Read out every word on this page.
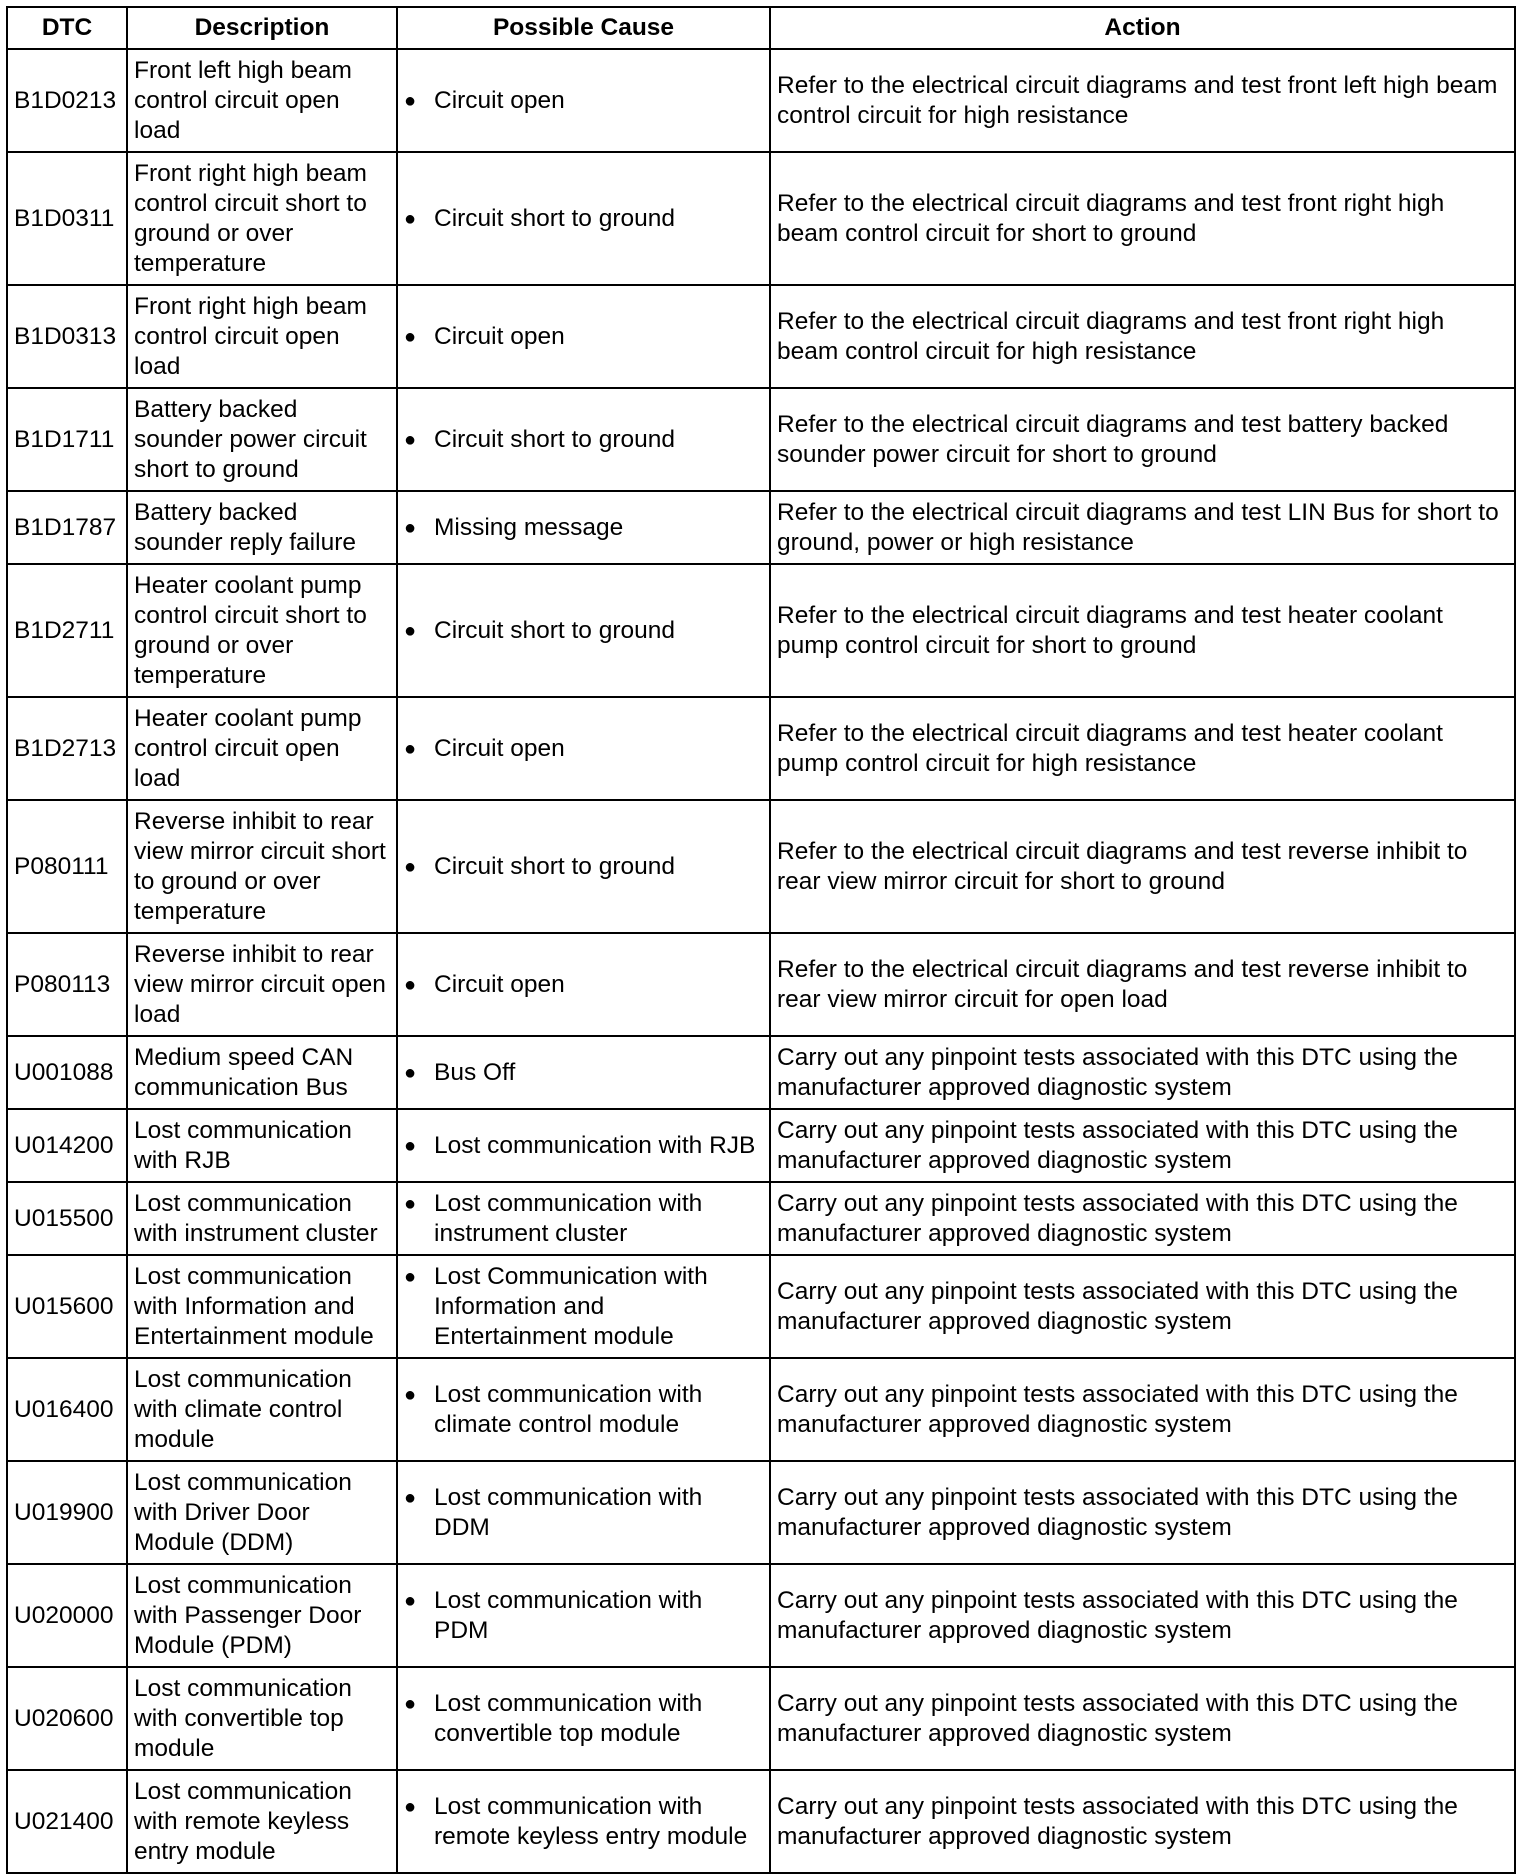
DTC	Description	Possible Cause	Action
B1D0213	Front left high beam control circuit open load	● Circuit open	Refer to the electrical circuit diagrams and test front left high beam control circuit for high resistance
B1D0311	Front right high beam control circuit short to ground or over temperature	● Circuit short to ground	Refer to the electrical circuit diagrams and test front right high beam control circuit for short to ground
B1D0313	Front right high beam control circuit open load	● Circuit open	Refer to the electrical circuit diagrams and test front right high beam control circuit for high resistance
B1D1711	Battery backed sounder power circuit short to ground	● Circuit short to ground	Refer to the electrical circuit diagrams and test battery backed sounder power circuit for short to ground
B1D1787	Battery backed sounder reply failure	● Missing message	Refer to the electrical circuit diagrams and test LIN Bus for short to ground, power or high resistance
B1D2711	Heater coolant pump control circuit short to ground or over temperature	● Circuit short to ground	Refer to the electrical circuit diagrams and test heater coolant pump control circuit for short to ground
B1D2713	Heater coolant pump control circuit open load	● Circuit open	Refer to the electrical circuit diagrams and test heater coolant pump control circuit for high resistance
P080111	Reverse inhibit to rear view mirror circuit short to ground or over temperature	● Circuit short to ground	Refer to the electrical circuit diagrams and test reverse inhibit to rear view mirror circuit for short to ground
P080113	Reverse inhibit to rear view mirror circuit open load	● Circuit open	Refer to the electrical circuit diagrams and test reverse inhibit to rear view mirror circuit for open load
U001088	Medium speed CAN communication Bus	● Bus Off	Carry out any pinpoint tests associated with this DTC using the manufacturer approved diagnostic system
U014200	Lost communication with RJB	● Lost communication with RJB	Carry out any pinpoint tests associated with this DTC using the manufacturer approved diagnostic system
U015500	Lost communication with instrument cluster	● Lost communication with instrument cluster	Carry out any pinpoint tests associated with this DTC using the manufacturer approved diagnostic system
U015600	Lost communication with Information and Entertainment module	● Lost Communication with Information and Entertainment module	Carry out any pinpoint tests associated with this DTC using the manufacturer approved diagnostic system
U016400	Lost communication with climate control module	● Lost communication with climate control module	Carry out any pinpoint tests associated with this DTC using the manufacturer approved diagnostic system
U019900	Lost communication with Driver Door Module (DDM)	● Lost communication with DDM	Carry out any pinpoint tests associated with this DTC using the manufacturer approved diagnostic system
U020000	Lost communication with Passenger Door Module (PDM)	● Lost communication with PDM	Carry out any pinpoint tests associated with this DTC using the manufacturer approved diagnostic system
U020600	Lost communication with convertible top module	● Lost communication with convertible top module	Carry out any pinpoint tests associated with this DTC using the manufacturer approved diagnostic system
U021400	Lost communication with remote keyless entry module	● Lost communication with remote keyless entry module	Carry out any pinpoint tests associated with this DTC using the manufacturer approved diagnostic system
